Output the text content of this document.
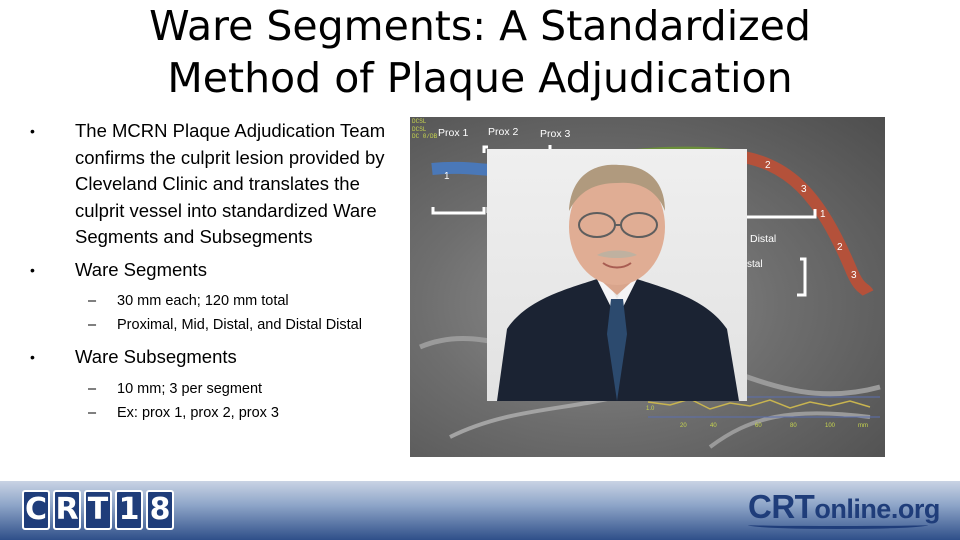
Ware Segments: A Standardized
Method of Plaque Adjudication
• The MCRN Plaque Adjudication Team confirms the culprit lesion provided by Cleveland Clinic and translates the culprit vessel into standardized Ware Segments and Subsegments
• Ware Segments
– 30 mm each; 120 mm total
– Proximal, Mid, Distal, and Distal Distal
• Ware Subsegments
– 10 mm; 3 per segment
– Ex: prox 1, prox 2, prox 3
Prox 1 Prox 2 Prox 3
1
2
3
1
2
3
Distal
stal
DCSL
DCSL
DC 0/DB
1.0
20	40	60	80	100	mm
C R T 1 8	CRTonline.org
